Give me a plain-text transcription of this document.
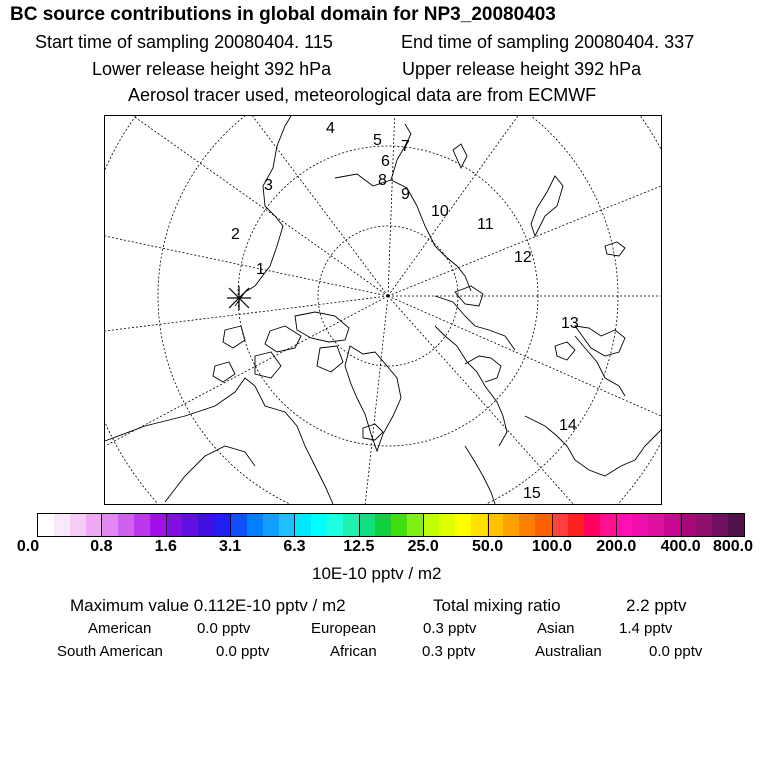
BC source contributions in global domain for NP3_20080403
Start time of sampling 20080404. 115	End time of sampling 20080404. 337
Lower release height 392 hPa	Upper release height 392 hPa
Aerosol tracer used, meteorological data are from ECMWF
1
2
3
4
5
6
7
8
9
10
11
12
13
14
15
0.0	0.8	1.6	3.1	6.3 12.5 25.0 50.0 100.0 200.0 400.0 800.0
10E-10 pptv / m2
Maximum value 0.112E-10 pptv / m2	Total mixing ratio	2.2 pptv
American	0.0 pptv	European	0.3 pptv	Asian	1.4 pptv
South American	0.0 pptv	African	0.3 pptv	Australian	0.0 pptv
